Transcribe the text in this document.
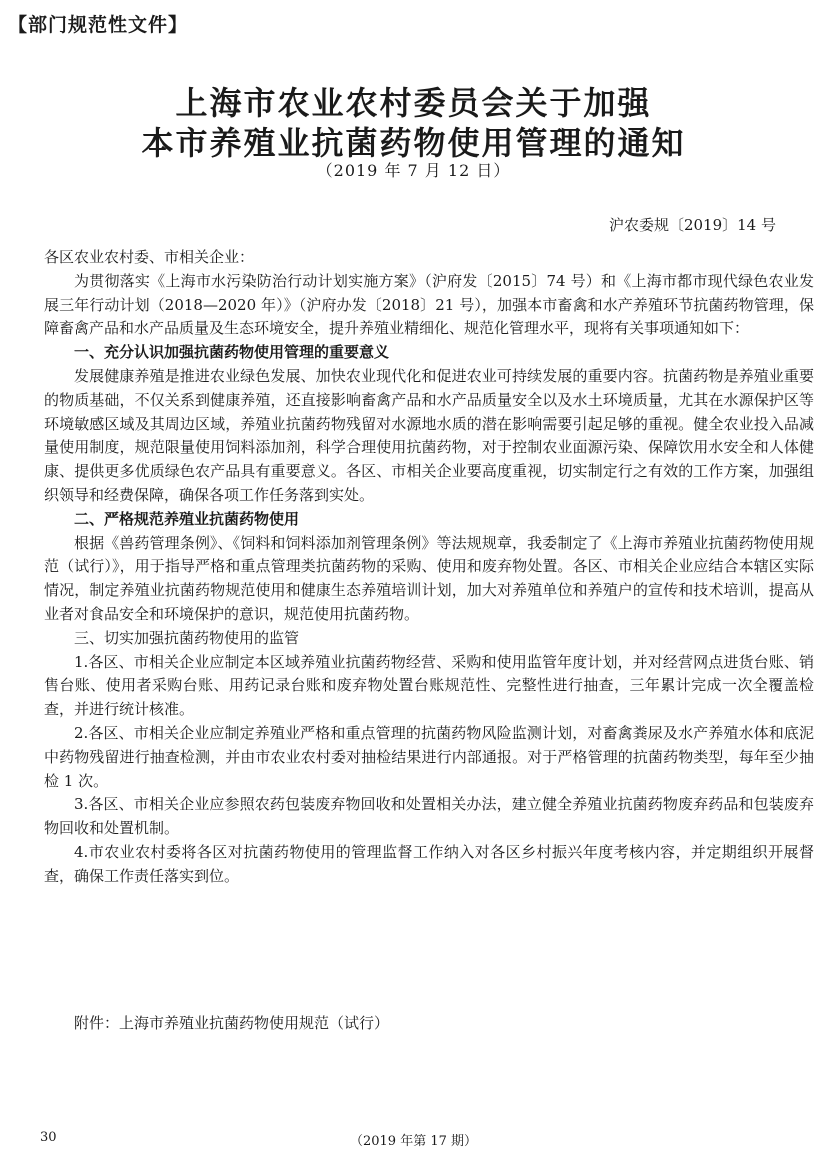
【部门规范性文件】
上海市农业农村委员会关于加强
本市养殖业抗菌药物使用管理的通知
（2019 年 7 月 12 日）
沪农委规〔2019〕14 号

各区农业农村委、市相关企业：

为贯彻落实《上海市水污染防治行动计划实施方案》（沪府发〔2015〕74 号）和《上海市都市现代绿色农业发展三年行动计划（2018—2020 年）》（沪府办发〔2018〕21 号），加强本市畜禽和水产养殖环节抗菌药物管理，保障畜禽产品和水产品质量及生态环境安全，提升养殖业精细化、规范化管理水平，现将有关事项通知如下：

一、充分认识加强抗菌药物使用管理的重要意义

发展健康养殖是推进农业绿色发展、加快农业现代化和促进农业可持续发展的重要内容。抗菌药物是养殖业重要的物质基础，不仅关系到健康养殖，还直接影响畜禽产品和水产品质量安全以及水土环境质量，尤其在水源保护区等环境敏感区域及其周边区域，养殖业抗菌药物残留对水源地水质的潜在影响需要引起足够的重视。健全农业投入品减量使用制度，规范限量使用饲料添加剂，科学合理使用抗菌药物，对于控制农业面源污染、保障饮用水安全和人体健康、提供更多优质绿色农产品具有重要意义。各区、市相关企业要高度重视，切实制定行之有效的工作方案，加强组织领导和经费保障，确保各项工作任务落到实处。

二、严格规范养殖业抗菌药物使用

根据《兽药管理条例》、《饲料和饲料添加剂管理条例》等法规规章，我委制定了《上海市养殖业抗菌药物使用规范（试行）》，用于指导严格和重点管理类抗菌药物的采购、使用和废弃物处置。各区、市相关企业应结合本辖区实际情况，制定养殖业抗菌药物规范使用和健康生态养殖培训计划，加大对养殖单位和养殖户的宣传和技术培训，提高从业者对食品安全和环境保护的意识，规范使用抗菌药物。

三、切实加强抗菌药物使用的监管

1.各区、市相关企业应制定本区域养殖业抗菌药物经营、采购和使用监管年度计划，并对经营网点进货台账、销售台账、使用者采购台账、用药记录台账和废弃物处置台账规范性、完整性进行抽查，三年累计完成一次全覆盖检查，并进行统计核准。

2.各区、市相关企业应制定养殖业严格和重点管理的抗菌药物风险监测计划，对畜禽粪尿及水产养殖水体和底泥中药物残留进行抽查检测，并由市农业农村委对抽检结果进行内部通报。对于严格管理的抗菌药物类型，每年至少抽检 1 次。

3.各区、市相关企业应参照农药包装废弃物回收和处置相关办法，建立健全养殖业抗菌药物废弃药品和包装废弃物回收和处置机制。

4.市农业农村委将各区对抗菌药物使用的管理监督工作纳入对各区乡村振兴年度考核内容，并定期组织开展督查，确保工作责任落实到位。

附件：上海市养殖业抗菌药物使用规范（试行）
30	（2019 年第 17 期）
